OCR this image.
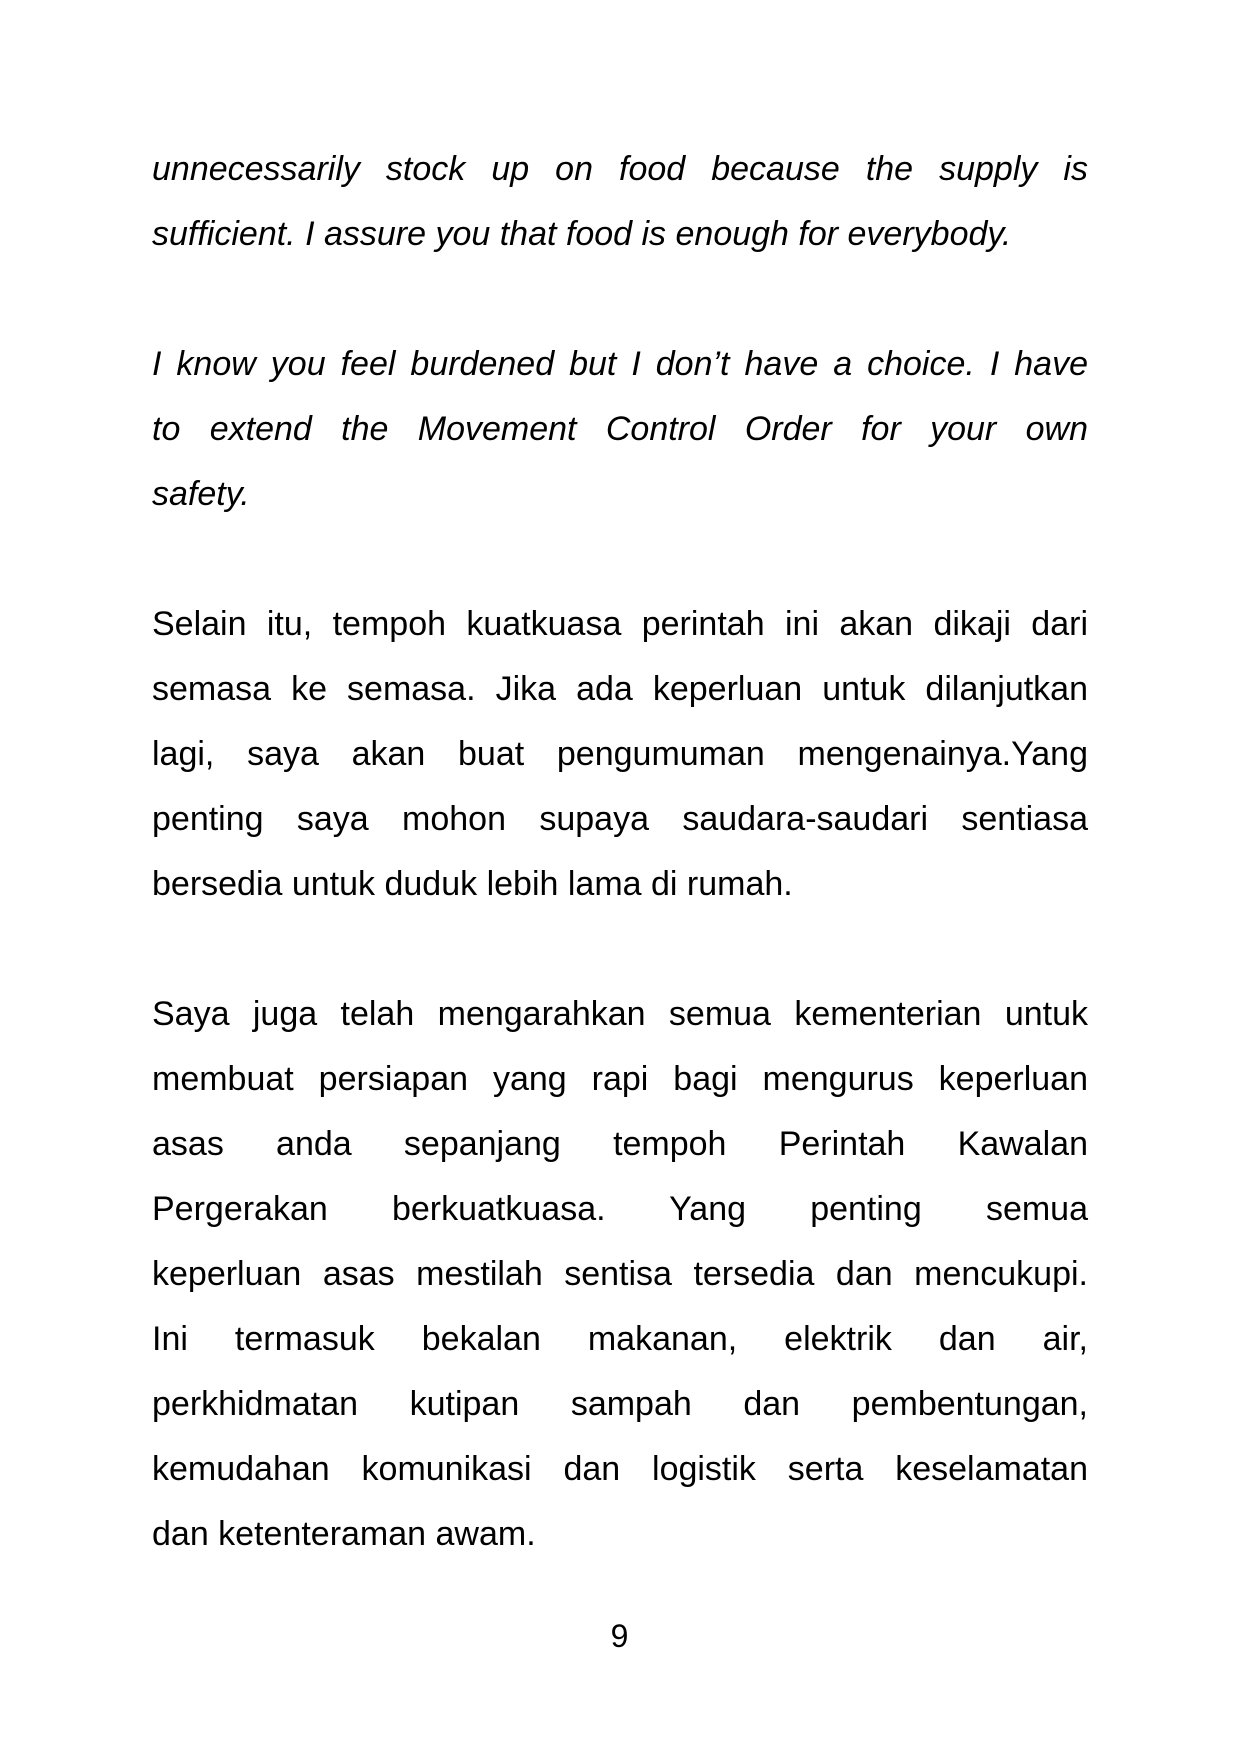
unnecessarily stock up on food because the supply is
sufficient. I assure you that food is enough for everybody.
I know you feel burdened but I don’t have a choice. I have
to extend the Movement Control Order for your own
safety.
Selain itu, tempoh kuatkuasa perintah ini akan dikaji dari
semasa ke semasa. Jika ada keperluan untuk dilanjutkan
lagi, saya akan buat pengumuman mengenainya.Yang
penting saya mohon supaya saudara-saudari sentiasa
bersedia untuk duduk lebih lama di rumah.
Saya juga telah mengarahkan semua kementerian untuk
membuat persiapan yang rapi bagi mengurus keperluan
asas anda sepanjang tempoh Perintah Kawalan
Pergerakan berkuatkuasa. Yang penting semua
keperluan asas mestilah sentisa tersedia dan mencukupi.
Ini termasuk bekalan makanan, elektrik dan air,
perkhidmatan kutipan sampah dan pembentungan,
kemudahan komunikasi dan logistik serta keselamatan
dan ketenteraman awam.
9
